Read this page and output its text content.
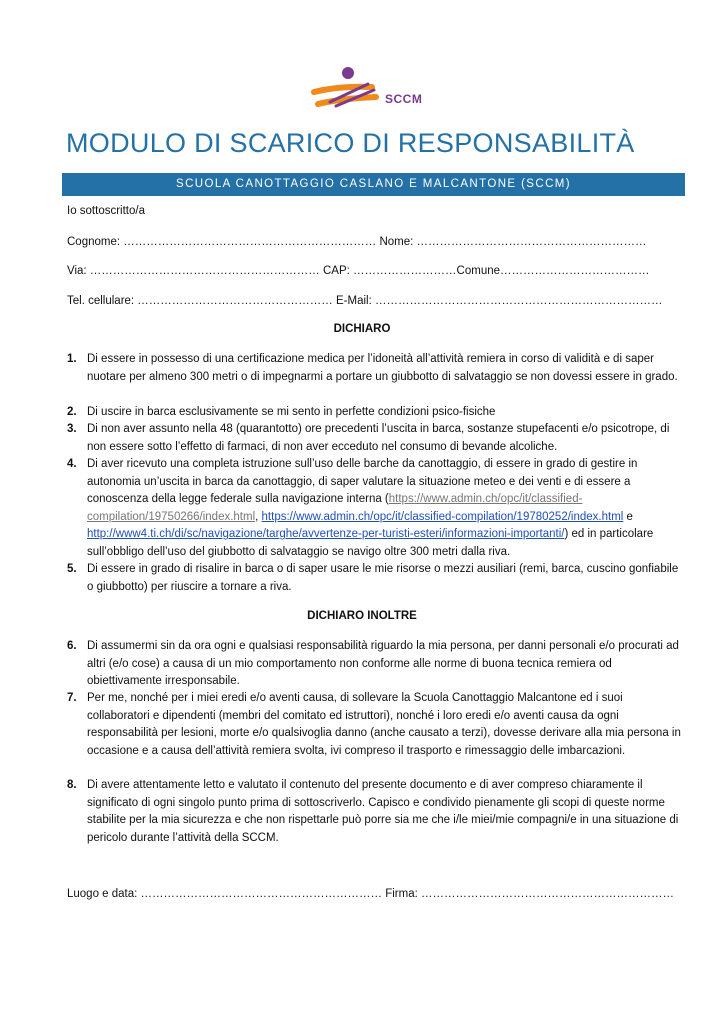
SCCM
MODULO DI SCARICO DI RESPONSABILITÀ
SCUOLA CANOTTAGGIO CASLANO E MALCANTONE (SCCM)
Io sottoscritto/a
Cognome: ………………………………………………………… Nome: ……………………………………………………
Via: …………………………………………………… CAP: ………………………Comune…………………………………
Tel. cellulare: …………………………………………… E-Mail: …………………………………………………………………
DICHIARO
1. Di essere in possesso di una certificazione medica per l’idoneità all’attività remiera in corso di validità e di saper nuotare per almeno 300 metri o di impegnarmi a portare un giubbotto di salvataggio se non dovessi essere in grado.
2. Di uscire in barca esclusivamente se mi sento in perfette condizioni psico-fisiche
3. Di non aver assunto nella 48 (quarantotto) ore precedenti l’uscita in barca, sostanze stupefacenti e/o psicotrope, di non essere sotto l’effetto di farmaci, di non aver ecceduto nel consumo di bevande alcoliche.
4. Di aver ricevuto una completa istruzione sull’uso delle barche da canottaggio, di essere in grado di gestire in autonomia un’uscita in barca da canottaggio, di saper valutare la situazione meteo e dei venti e di essere a conoscenza della legge federale sulla navigazione interna (https://www.admin.ch/opc/it/classified-compilation/19750266/index.html, https://www.admin.ch/opc/it/classified-compilation/19780252/index.html e http://www4.ti.ch/di/sc/navigazione/targhe/avvertenze-per-turisti-esteri/informazioni-importanti/) ed in particolare sull’obbligo dell’uso del giubbotto di salvataggio se navigo oltre 300 metri dalla riva.
5. Di essere in grado di risalire in barca o di saper usare le mie risorse o mezzi ausiliari (remi, barca, cuscino gonfiabile o giubbotto) per riuscire a tornare a riva.
DICHIARO INOLTRE
6. Di assumermi sin da ora ogni e qualsiasi responsabilità riguardo la mia persona, per danni personali e/o procurati ad altri (e/o cose) a causa di un mio comportamento non conforme alle norme di buona tecnica remiera od obiettivamente irresponsabile.
7. Per me, nonché per i miei eredi e/o aventi causa, di sollevare la Scuola Canottaggio Malcantone ed i suoi collaboratori e dipendenti (membri del comitato ed istruttori), nonché i loro eredi e/o aventi causa da ogni responsabilità per lesioni, morte e/o qualsivoglia danno (anche causato a terzi), dovesse derivare alla mia persona in occasione e a causa dell’attività remiera svolta, ivi compreso il trasporto e rimessaggio delle imbarcazioni.
8. Di avere attentamente letto e valutato il contenuto del presente documento e di aver compreso chiaramente il significato di ogni singolo punto prima di sottoscriverlo. Capisco e condivido pienamente gli scopi di queste norme stabilite per la mia sicurezza e che non rispettarle può porre sia me che i/le miei/mie compagni/e in una situazione di pericolo durante l’attività della SCCM.
Luogo e data: ……………………………………………………… Firma: …………………………………………………………
